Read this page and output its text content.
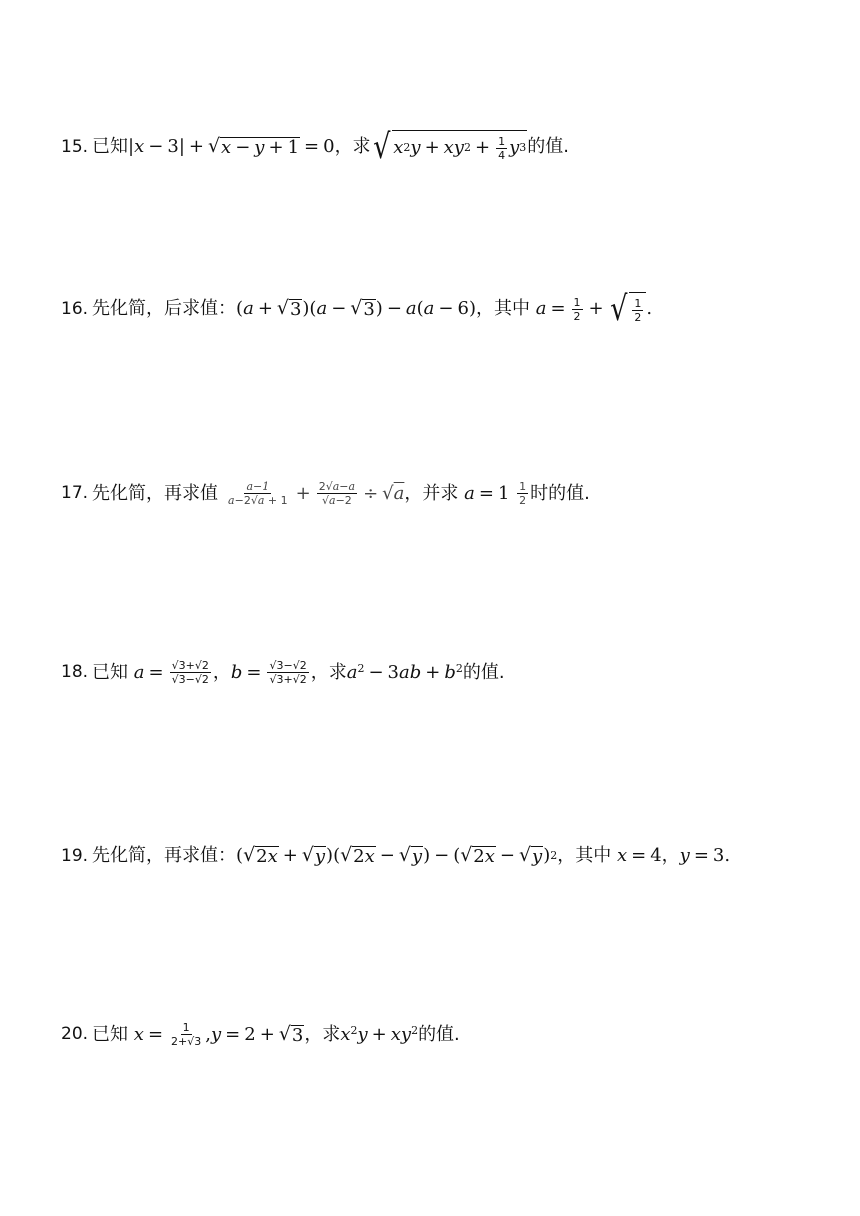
15. 已知 |x − 3| + √ x − y + 1 = 0 ，求 √ x 2 y + xy $2 + \frac{1}{4}$ y 3 的值.
16. 先化简，后求值： (a + √ 3 )(a − √ 3 ) − a(a − 6) ，其中 $a = \frac{1}{2}$ + √ $\frac{1}{2}$ .
17. 先化简，再求值 $\frac{a-1}{a-2√a + 1} + \frac{2√a-a}{√a-2} \div √a$ ，并求 $a = 1 \frac{1}{2}$ 时的值.
18. 已知 $a = \frac{√3+√2}{√3-√2}$ ， $b = \frac{√3-√2}{√3+√2}$ ，求 $a^2 - 3ab + b^2$ 的值.
19. 先化简，再求值： ( √ 2 x + √ y )( √ 2 x − √ y ) − ( √ 2 x − √ y ) 2 ，其中 x = 4 ， y = 3.
20. 已知 $x = \frac{1}{2+√3} ,y = 2$ + √ 3 ，求 $x^2y + xy^2$ 的值.
